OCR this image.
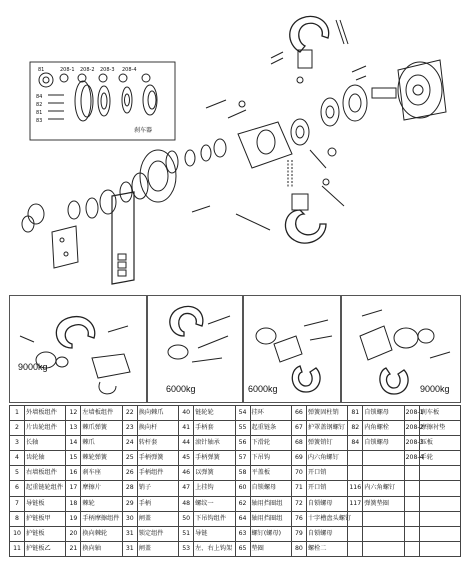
81	208-1 208-2 208-3 208-4
84
82
81
83
刹车器
9000kg
6000kg	6000kg	9000kg
1	外墙板组件	12	左墙板组件	22	换向棘爪	40	链轮轮	54	挂环	66	弹簧固柱销	81	自锁螺母	208-1	刹车板
2	片齿轮组件	13	棘爪弹簧	23	换向杆	41	手柄套	55	起重链条	67	护罩盖钢螺钉	82	内角螺栓	208-2	摩擦衬垫
3	长轴	14	棘爪	24	转杆套	44	滚针轴承	56	下滑轮	68	弹簧销钉	84	自锁螺母	208-3	压板
4	齿轮轴	15	棘轮弹簧	25	手柄弹簧	45	手柄弹簧	57	下吊钩	69	内六角螺钉			208-4	手轮
5	右墙板组件	16	刹车座	26	手柄组件	46	以弹簧	58	平盖板	70	开口销				
6	起重链轮组件	17	摩擦片	28	销子	47	上挂钩	60	自锁螺母	71	开口销	116	内六角螺钉		
7	导链板	18	棘轮	29	手柄	48	螺纹一	62	轴用挡圈组	72	自锁螺母	117	弹簧垫圈		
8	护链板甲	19	手柄摩擦组件	30	闸盖	50	下吊钩组件	64	轴用挡圈组	76	十字槽盘头螺钉				
10	护链板	20	换向棘轮	31	锁定组件	51	导链	63	螺钉(螺母)	79	自锁螺母				
11	护链板乙	21	换向轴	31	闸盖	53	左、右上钩架	65	垫圈	80	螺栓二				
